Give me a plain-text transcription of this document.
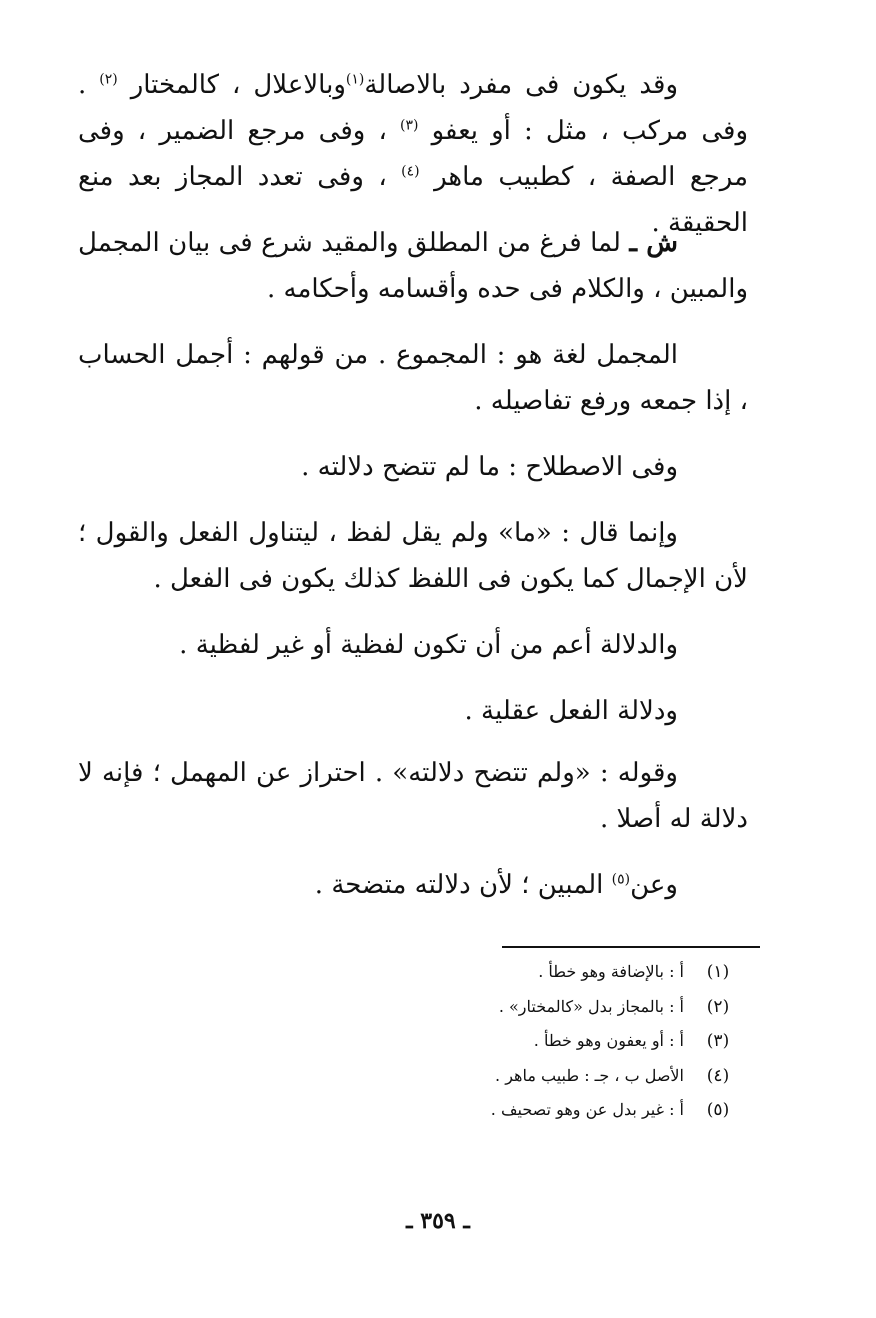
وقد يكون فى مفرد بالاصالة$^{(١)}$وبالاعلال ، كالمختار $^{(٢)}$ . وفى مركب ، مثل : أو يعفو $^{(٣)}$ ، وفى مرجع الضمير ، وفى مرجع الصفة ، كطبيب ماهر $^{(٤)}$ ، وفى تعدد المجاز بعد منع الحقيقة .

ش ـ لما فرغ من المطلق والمقيد شرع فى بيان المجمل والمبين ، والكلام فى حده وأقسامه وأحكامه .

المجمل لغة هو : المجموع . من قولهم : أجمل الحساب ، إذا جمعه ورفع تفاصيله .

وفى الاصطلاح : ما لم تتضح دلالته .

وإنما قال : «ما» ولم يقل لفظ ، ليتناول الفعل والقول ؛ لأن الإجمال كما يكون فى اللفظ كذلك يكون فى الفعل .

والدلالة أعم من أن تكون لفظية أو غير لفظية .

ودلالة الفعل عقلية .

وقوله : «ولم تتضح دلالته» . احتراز عن المهمل ؛ فإنه لا دلالة له أصلا .

وعن$^{(٥)}$ المبين ؛ لأن دلالته متضحة .

(١)
أ : بالإضافة وهو خطأ .
(٢)
أ : بالمجاز بدل «كالمختار» .
(٣)
أ : أو يعفون وهو خطأ .
(٤)
الأصل ب ، جـ : طبيب ماهر .
(٥)
أ : غير بدل عن وهو تصحيف .
ـ ٣٥٩ ـ
